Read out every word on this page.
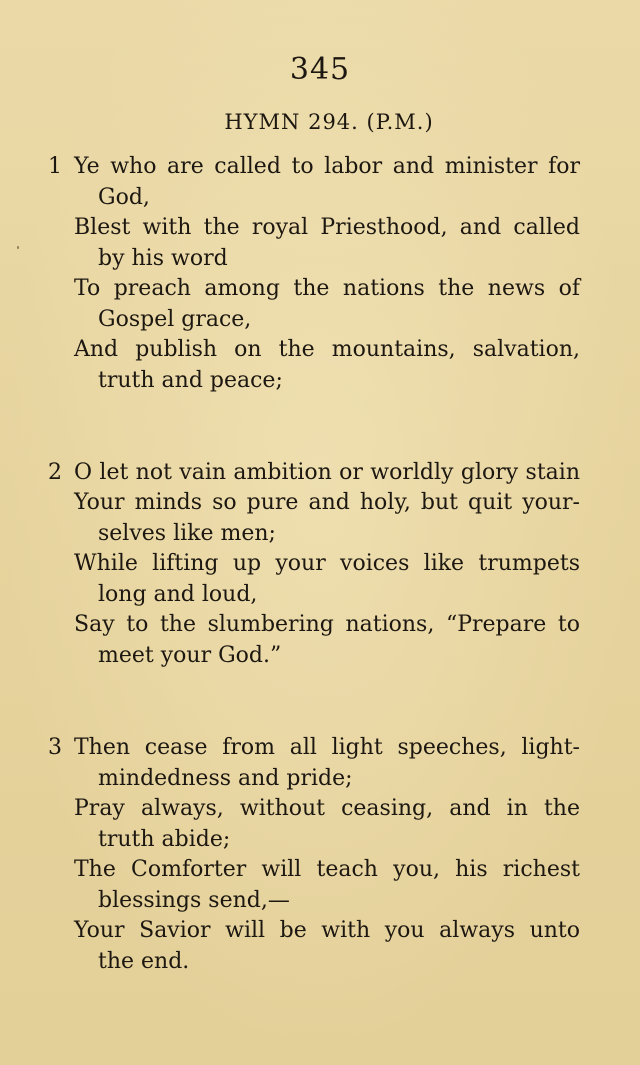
345
HYMN 294. (P.M.)
1 Ye who are called to labor and minister for
God,
Blest with the royal Priesthood, and called
by his word
To preach among the nations the news of
Gospel grace,
And publish on the mountains, salvation,
truth and peace;
2 O let not vain ambition or worldly glory stain
Your minds so pure and holy, but quit your-
selves like men;
While lifting up your voices like trumpets
long and loud,
Say to the slumbering nations, “Prepare to
meet your God.”
3 Then cease from all light speeches, light-
mindedness and pride;
Pray always, without ceasing, and in the
truth abide;
The Comforter will teach you, his richest
blessings send,—
Your Savior will be with you always unto
the end.
